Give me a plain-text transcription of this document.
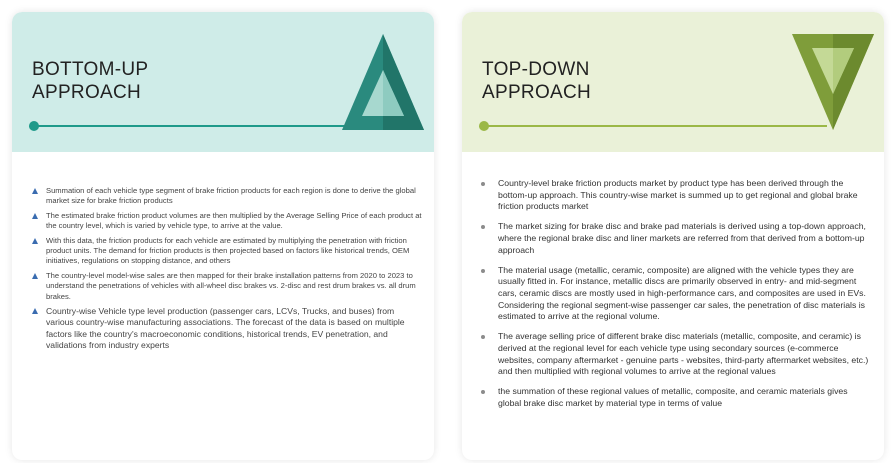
BOTTOM-UP
APPROACH
Summation of each vehicle type segment of brake friction products for each region is done to derive the global market size for brake friction products
The estimated brake friction product volumes are then multiplied by the Average Selling Price of each product at the country level, which is varied by vehicle type, to arrive at the value.
With this data, the friction products for each vehicle are estimated by multiplying the penetration with friction product units. The demand for friction products is then projected based on factors like historical trends, OEM initiatives, regulations on stopping distance, and others
The country-level model-wise sales are then mapped for their brake installation patterns from 2020 to 2023 to understand the penetrations of vehicles with all-wheel disc brakes vs. 2-disc and rest drum brakes vs. all drum brakes.
Country-wise Vehicle type level production (passenger cars, LCVs, Trucks, and buses) from various country-wise manufacturing associations. The forecast of the data is based on multiple factors like the country's macroeconomic conditions, historical trends, EV penetration, and validations from industry experts
TOP-DOWN
APPROACH
Country-level brake friction products market by product type has been derived through the bottom-up approach. This country-wise market is summed up to get regional and global brake friction products market
The market sizing for brake disc and brake pad materials is derived using a top-down approach, where the regional brake disc and liner markets are referred from that derived from a bottom-up approach
The material usage (metallic, ceramic, composite) are aligned with the vehicle types they are usually fitted in. For instance, metallic discs are primarily observed in entry- and mid-segment cars, ceramic discs are mostly used in high-performance cars, and composites are used in EVs. Considering the regional segment-wise passenger car sales, the penetration of disc materials is estimated to arrive at the regional volume.
The average selling price of different brake disc materials (metallic, composite, and ceramic) is derived at the regional level for each vehicle type using secondary sources (e-commerce websites, company aftermarket - genuine parts - websites, third-party aftermarket websites, etc.) and then multiplied with regional volumes to arrive at the regional values
the summation of these regional values of metallic, composite, and ceramic materials gives global brake disc market by material type in terms of value
